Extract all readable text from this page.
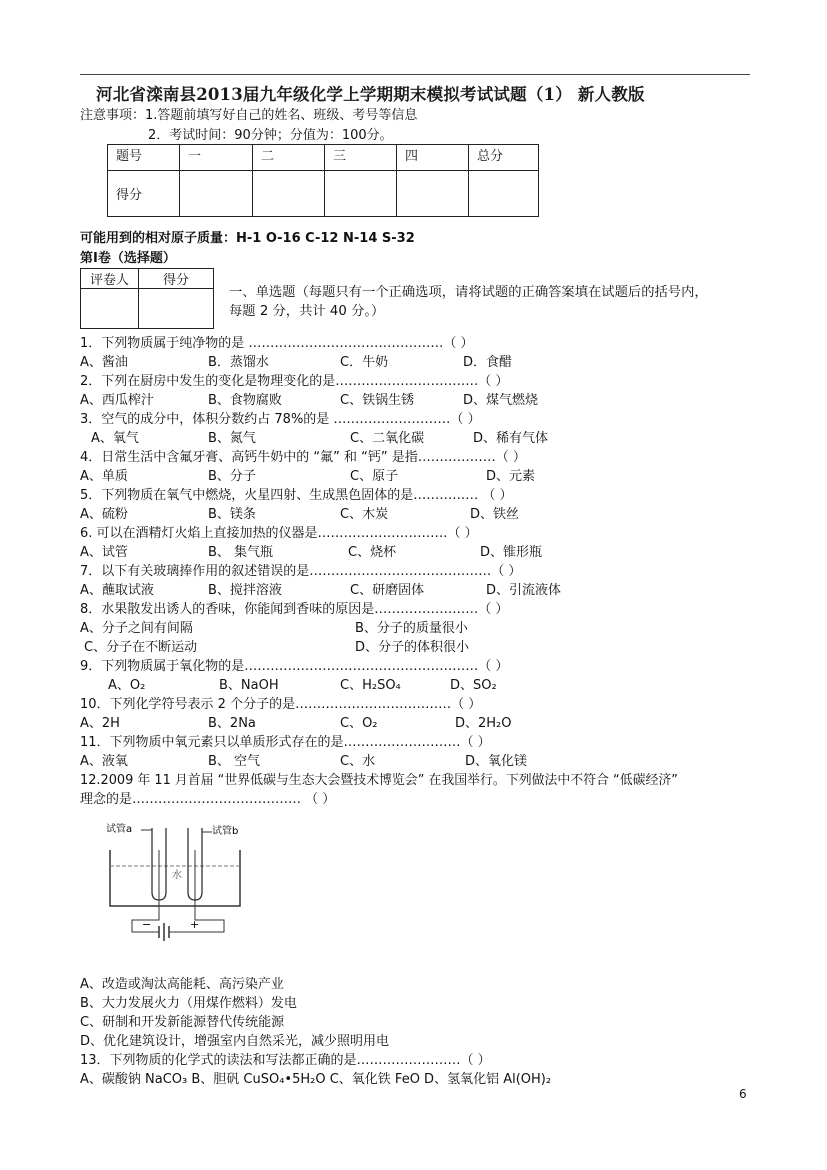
河北省滦南县2013届九年级化学上学期期末模拟考试试题（1） 新人教版
注意事项：1.答题前填写好自己的姓名、班级、考号等信息
2．考试时间：90分钟；分值为：100分。
题号	一	二	三	四	总分
得分					
可能用到的相对原子质量：H-1 O-16 C-12 N-14 S-32
第Ⅰ卷（选择题）
评卷人	得分

一、单选题（每题只有一个正确选项，请将试题的正确答案填在试题后的括号内，
每题 2 分，共计 40 分。）
1．下列物质属于纯净物的是 ………………………………………（ ）
A、酱油	B．蒸馏水	C．牛奶	D．食醋
2．下列在厨房中发生的变化是物理变化的是……………………………（ ）
A、西瓜榨汁	B、食物腐败	C、铁锅生锈	D、煤气燃烧
3．空气的成分中，体积分数约占 78%的是 ………………………（ ）
A、氧气	B、氮气	C、二氧化碳	D、稀有气体
4．日常生活中含氟牙膏、高钙牛奶中的 “氟” 和 “钙” 是指………………（ ）
A、单质	B、分子	C、原子	D、元素
5．下列物质在氧气中燃烧，火星四射、生成黑色固体的是…………… （ ）
A、硫粉	B、镁条	C、木炭	D、铁丝
6. 可以在酒精灯火焰上直接加热的仪器是…………………………（ ）
A、试管	B、 集气瓶	C、烧杯	D、锥形瓶
7．以下有关玻璃捧作用的叙述错误的是……………………………………（ ）
A、蘸取试液	B、搅拌溶液	C、研磨固体	D、引流液体
8．水果散发出诱人的香味，你能闻到香味的原因是……………………（ ）
A、分子之间有间隔	B、分子的质量很小
C、分子在不断运动	D、分子的体积很小
9．下列物质属于氧化物的是………………………………………………（ ）
A、O₂	B、NaOH	C、H₂SO₄	D、SO₂
10．下列化学符号表示 2 个分子的是………………………………（ ）
A、2H	B、2Na	C、O₂	D、2H₂O
11．下列物质中氧元素只以单质形式存在的是………………………（ ）
A、液氧	B、 空气	C、水	D、氧化镁
12.2009 年 11 月首届 “世界低碳与生态大会暨技术博览会” 在我国举行。下列做法中不符合 “低碳经济”
理念的是………………………………… （ ）
试管a	试管b
水
−	+
A、改造或淘汰高能耗、高污染产业
B、大力发展火力（用煤作燃料）发电
C、研制和开发新能源替代传统能源
D、优化建筑设计，增强室内自然采光，减少照明用电
13．下列物质的化学式的读法和写法都正确的是……………………（ ）
A、碳酸钠 NaCO₃ B、胆矾 CuSO₄•5H₂O C、氧化铁 FeO D、氢氧化铝 Al(OH)₂
6
